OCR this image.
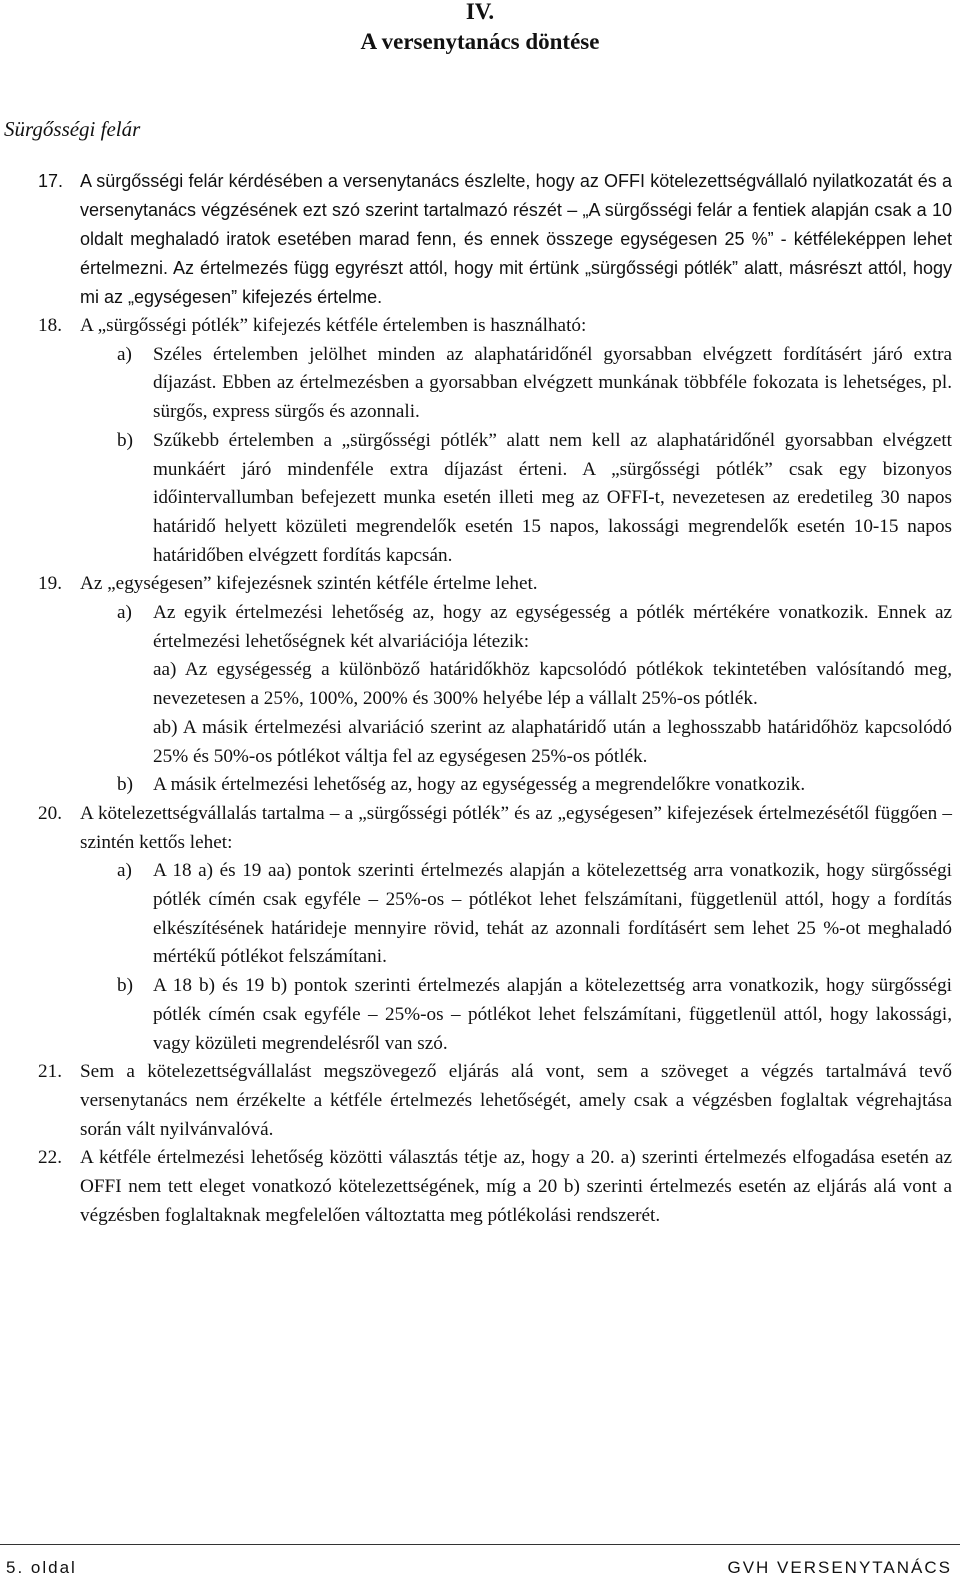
IV.
A versenytanács döntése
Sürgősségi felár
17. A sürgősségi felár kérdésében a versenytanács észlelte, hogy az OFFI kötelezettségvállaló nyilatkozatát és a versenytanács végzésének ezt szó szerint tartalmazó részét – „A sürgősségi felár a fentiek alapján csak a 10 oldalt meghaladó iratok esetében marad fenn, és ennek összege egységesen 25 %” - kétféleképpen lehet értelmezni. Az értelmezés függ egyrészt attól, hogy mit értünk „sürgősségi pótlék” alatt, másrészt attól, hogy mi az „egységesen” kifejezés értelme.

18. A „sürgősségi pótlék” kifejezés kétféle értelemben is használható:

a) Széles értelemben jelölhet minden az alaphatáridőnél gyorsabban elvégzett fordításért járó extra díjazást. Ebben az értelmezésben a gyorsabban elvégzett munkának többféle fokozata is lehetséges, pl. sürgős, express sürgős és azonnali.

b) Szűkebb értelemben a „sürgősségi pótlék” alatt nem kell az alaphatáridőnél gyorsabban elvégzett munkáért járó mindenféle extra díjazást érteni. A „sürgősségi pótlék” csak egy bizonyos időintervallumban befejezett munka esetén illeti meg az OFFI-t, nevezetesen az eredetileg 30 napos határidő helyett közületi megrendelők esetén 15 napos, lakossági megrendelők esetén 10-15 napos határidőben elvégzett fordítás kapcsán.

19. Az „egységesen” kifejezésnek szintén kétféle értelme lehet.

a) Az egyik értelmezési lehetőség az, hogy az egységesség a pótlék mértékére vonatkozik. Ennek az értelmezési lehetőségnek két alvariációja létezik:

aa) Az egységesség a különböző határidőkhöz kapcsolódó pótlékok tekintetében valósítandó meg, nevezetesen a 25%, 100%, 200% és 300% helyébe lép a vállalt 25%-os pótlék.

ab) A másik értelmezési alvariáció szerint az alaphatáridő után a leghosszabb határidőhöz kapcsolódó 25% és 50%-os pótlékot váltja fel az egységesen 25%-os pótlék.

b) A másik értelmezési lehetőség az, hogy az egységesség a megrendelőkre vonatkozik.

20. A kötelezettségvállalás tartalma – a „sürgősségi pótlék” és az „egységesen” kifejezések értelmezésétől függően – szintén kettős lehet:

a) A 18 a) és 19 aa) pontok szerinti értelmezés alapján a kötelezettség arra vonatkozik, hogy sürgősségi pótlék címén csak egyféle – 25%-os – pótlékot lehet felszámítani, függetlenül attól, hogy a fordítás elkészítésének határideje mennyire rövid, tehát az azonnali fordításért sem lehet 25 %-ot meghaladó mértékű pótlékot felszámítani.

b) A 18 b) és 19 b) pontok szerinti értelmezés alapján a kötelezettség arra vonatkozik, hogy sürgősségi pótlék címén csak egyféle – 25%-os – pótlékot lehet felszámítani, függetlenül attól, hogy lakossági, vagy közületi megrendelésről van szó.

21. Sem a kötelezettségvállalást megszövegező eljárás alá vont, sem a szöveget a végzés tartalmává tevő versenytanács nem érzékelte a kétféle értelmezés lehetőségét, amely csak a végzésben foglaltak végrehajtása során vált nyilvánvalóvá.

22. A kétféle értelmezési lehetőség közötti választás tétje az, hogy a 20. a) szerinti értelmezés elfogadása esetén az OFFI nem tett eleget vonatkozó kötelezettségének, míg a 20 b) szerinti értelmezés esetén az eljárás alá vont a végzésben foglaltaknak megfelelően változtatta meg pótlékolási rendszerét.

5. oldal	GVH VERSENYTANÁCS
